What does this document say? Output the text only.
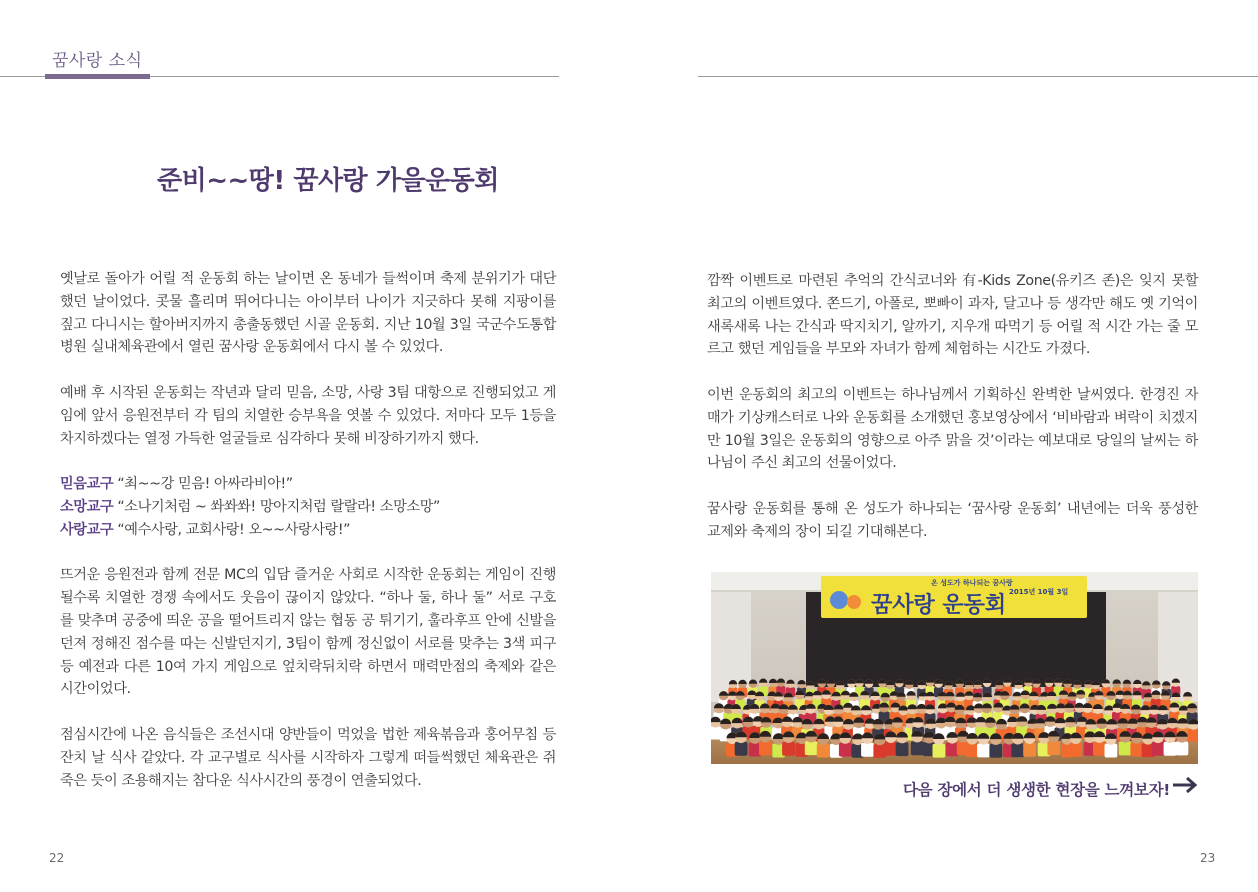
꿈사랑 소식
준비~~땅! 꿈사랑 가을운동회

옛날로 돌아가 어릴 적 운동회 하는 날이면 온 동네가 들썩이며 축제 분위기가 대단했던 날이었다. 콧물 흘리며 뛰어다니는 아이부터 나이가 지긋하다 못해 지팡이를 짚고 다니시는 할아버지까지 총출동했던 시골 운동회. 지난 10월 3일 국군수도통합병원 실내체육관에서 열린 꿈사랑 운동회에서 다시 볼 수 있었다.

예배 후 시작된 운동회는 작년과 달리 믿음, 소망, 사랑 3팀 대항으로 진행되었고 게임에 앞서 응원전부터 각 팀의 치열한 승부욕을 엿볼 수 있었다. 저마다 모두 1등을 차지하겠다는 열정 가득한 얼굴들로 심각하다 못해 비장하기까지 했다.

믿음교구 “최~~강 믿음! 아싸라비아!”

소망교구 “소나기처럼 ~ 쏴쏴쏴! 망아지처럼 랄랄라! 소망소망”

사랑교구 “예수사랑, 교회사랑! 오~~사랑사랑!”

뜨거운 응원전과 함께 전문 MC의 입담 즐거운 사회로 시작한 운동회는 게임이 진행될수록 치열한 경쟁 속에서도 웃음이 끊이지 않았다. “하나 둘, 하나 둘” 서로 구호를 맞추며 공중에 띄운 공을 떨어트리지 않는 협동 공 튀기기, 훌라후프 안에 신발을 던져 정해진 점수를 따는 신발던지기, 3팀이 함께 정신없이 서로를 맞추는 3색 피구 등 예전과 다른 10여 가지 게임으로 엎치락뒤치락 하면서 매력만점의 축제와 같은 시간이었다.

점심시간에 나온 음식들은 조선시대 양반들이 먹었을 법한 제육볶음과 홍어무침 등 잔치 날 식사 같았다. 각 교구별로 식사를 시작하자 그렇게 떠들썩했던 체육관은 쥐 죽은 듯이 조용해지는 참다운 식사시간의 풍경이 연출되었다.

깜짝 이벤트로 마련된 추억의 간식코너와 有-Kids Zone(유키즈 존)은 잊지 못할 최고의 이벤트였다. 쫀드기, 아폴로, 뽀빠이 과자, 달고나 등 생각만 해도 옛 기억이 새록새록 나는 간식과 딱지치기, 알까기, 지우개 따먹기 등 어릴 적 시간 가는 줄 모르고 했던 게임들을 부모와 자녀가 함께 체험하는 시간도 가졌다.

이번 운동회의 최고의 이벤트는 하나님께서 기획하신 완벽한 날씨였다. 한경진 자매가 기상캐스터로 나와 운동회를 소개했던 홍보영상에서 ‘비바람과 벼락이 치겠지만 10월 3일은 운동회의 영향으로 아주 맑을 것’이라는 예보대로 당일의 날씨는 하나님이 주신 최고의 선물이었다.

꿈사랑 운동회를 통해 온 성도가 하나되는 ‘꿈사랑 운동회’ 내년에는 더욱 풍성한 교제와 축제의 장이 되길 기대해본다.

온 성도가 하나되는 꿈사랑
꿈사랑 운동회
2015년 10월 3일
다음 장에서 더 생생한 현장을 느껴보자!
22	23
